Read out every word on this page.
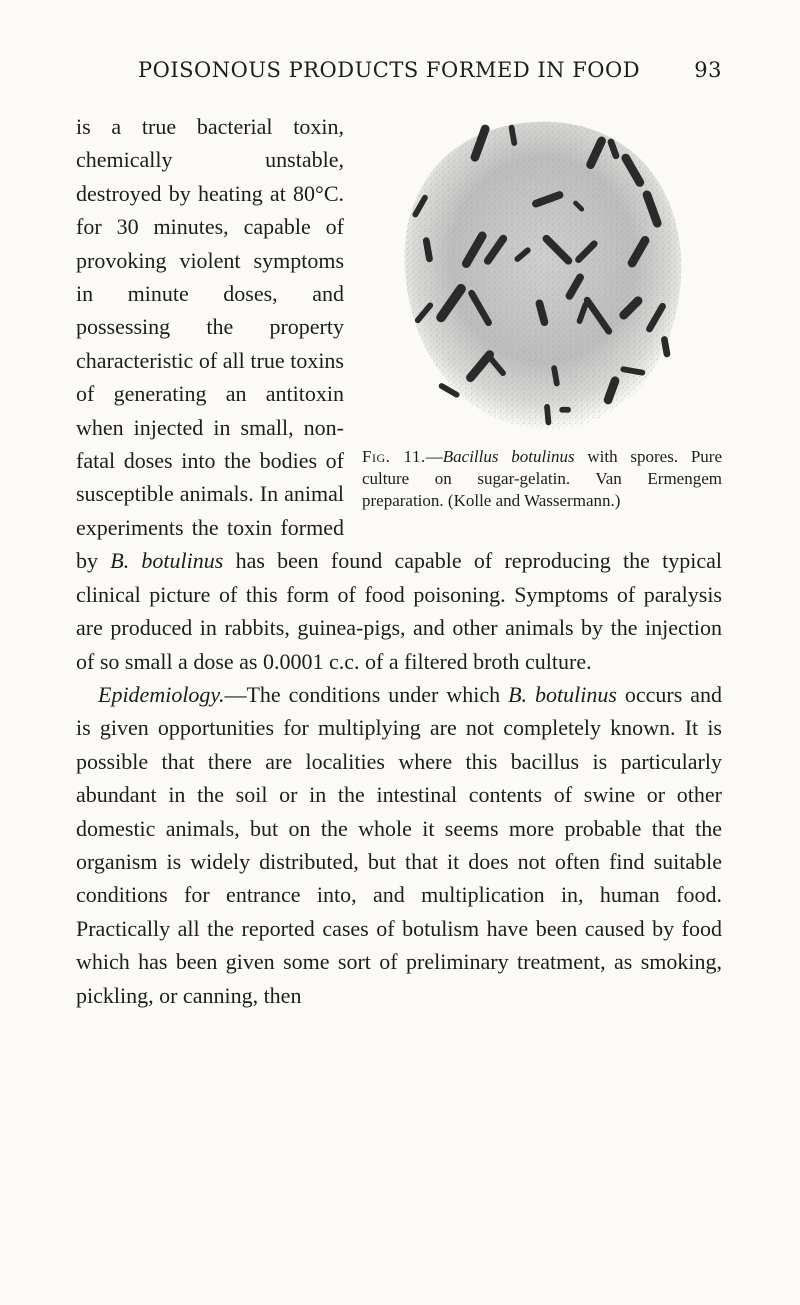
POISONOUS PRODUCTS FORMED IN FOOD	93
Fig. 11.—Bacillus botulinus with spores. Pure culture on sugar-gelatin. Van Ermengem preparation. (Kolle and Wassermann.)

is a true bacterial toxin, chemically unstable, destroyed by heating at 80°C. for 30 minutes, capable of provoking violent symptoms in minute doses, and possessing the property characteristic of all true toxins of generating an antitoxin when injected in small, non-fatal doses into the bodies of susceptible animals. In animal experiments the toxin formed by B. botulinus has been found capable of reproducing the typical clinical picture of this form of food poisoning. Symptoms of paralysis are produced in rabbits, guinea-pigs, and other animals by the injection of so small a dose as 0.0001 c.c. of a filtered broth culture.

Epidemiology.—The conditions under which B. botulinus occurs and is given opportunities for multiplying are not completely known. It is possible that there are localities where this bacillus is particularly abundant in the soil or in the intestinal contents of swine or other domestic animals, but on the whole it seems more probable that the organism is widely distributed, but that it does not often find suitable conditions for entrance into, and multiplication in, human food. Practically all the reported cases of botulism have been caused by food which has been given some sort of preliminary treatment, as smoking, pickling, or canning, then
